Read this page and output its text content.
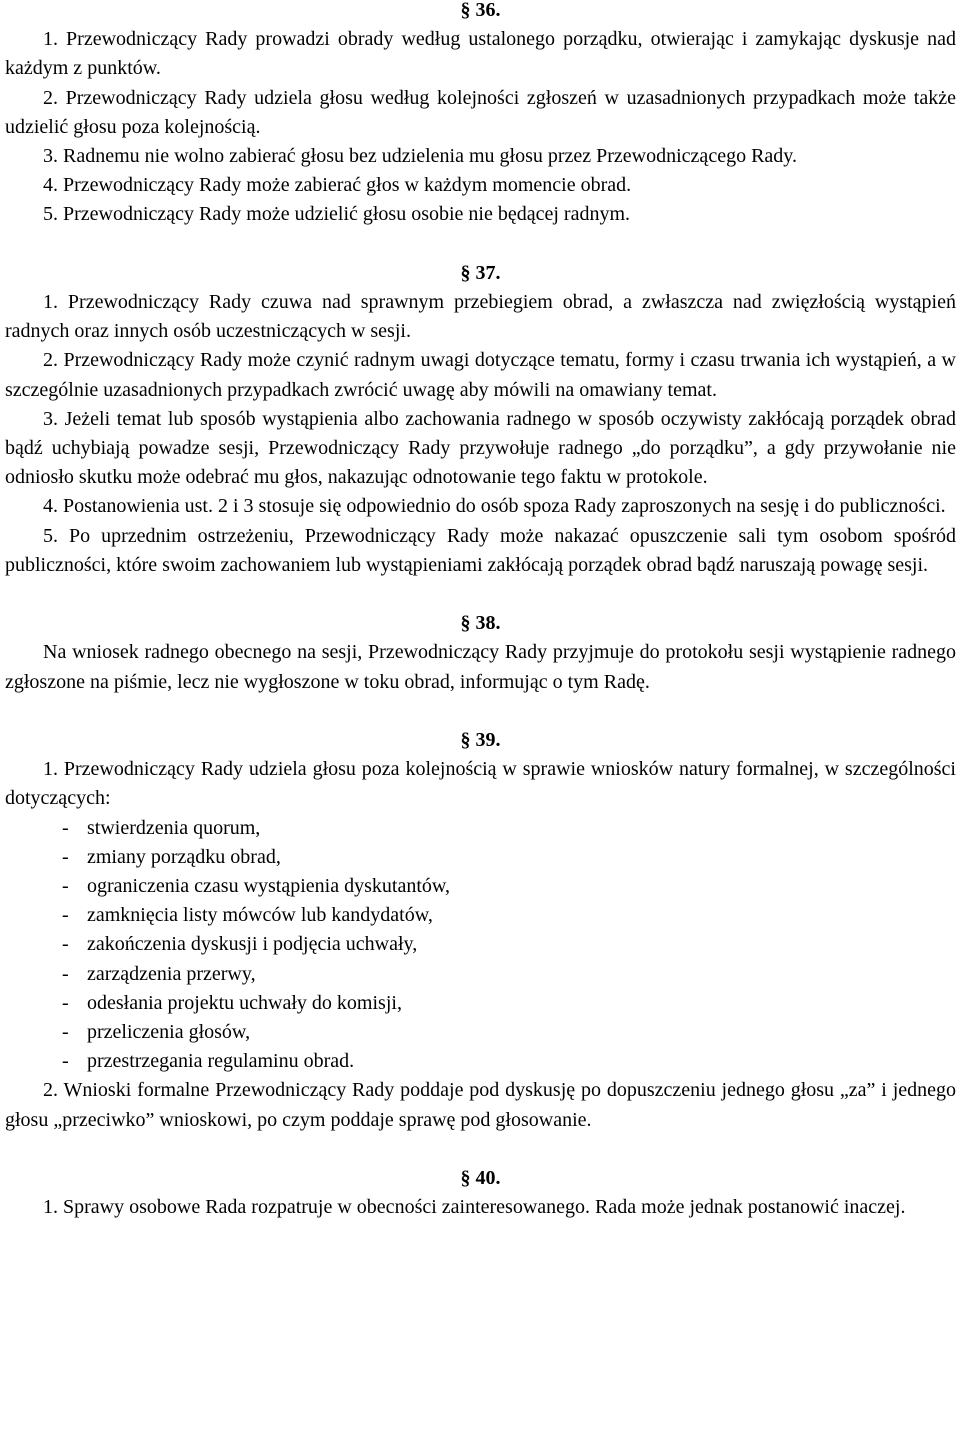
§ 36.

1. Przewodniczący Rady prowadzi obrady według ustalonego porządku, otwierając i zamykając dyskusje nad każdym z punktów.

2. Przewodniczący Rady udziela głosu według kolejności zgłoszeń w uzasadnionych przypadkach może także udzielić głosu poza kolejnością.

3. Radnemu nie wolno zabierać głosu bez udzielenia mu głosu przez Przewodniczącego Rady.

4. Przewodniczący Rady może zabierać głos w każdym momencie obrad.

5. Przewodniczący Rady może udzielić głosu osobie nie będącej radnym.

§ 37.

1. Przewodniczący Rady czuwa nad sprawnym przebiegiem obrad, a zwłaszcza nad zwięzłością wystąpień radnych oraz innych osób uczestniczących w sesji.

2. Przewodniczący Rady może czynić radnym uwagi dotyczące tematu, formy i czasu trwania ich wystąpień, a w szczególnie uzasadnionych przypadkach zwrócić uwagę aby mówili na omawiany temat.

3. Jeżeli temat lub sposób wystąpienia albo zachowania radnego w sposób oczywisty zakłócają porządek obrad bądź uchybiają powadze sesji, Przewodniczący Rady przywołuje radnego „do porządku”, a gdy przywołanie nie odniosło skutku może odebrać mu głos, nakazując odnotowanie tego faktu w protokole.

4. Postanowienia ust. 2 i 3 stosuje się odpowiednio do osób spoza Rady zaproszonych na sesję i do publiczności.

5. Po uprzednim ostrzeżeniu, Przewodniczący Rady może nakazać opuszczenie sali tym osobom spośród publiczności, które swoim zachowaniem lub wystąpieniami zakłócają porządek obrad bądź naruszają powagę sesji.

§ 38.

Na wniosek radnego obecnego na sesji, Przewodniczący Rady przyjmuje do protokołu sesji wystąpienie radnego zgłoszone na piśmie, lecz nie wygłoszone w toku obrad, informując o tym Radę.

§ 39.

1. Przewodniczący Rady udziela głosu poza kolejnością w sprawie wniosków natury formalnej, w szczególności dotyczących:

- stwierdzenia quorum,
- zmiany porządku obrad,
- ograniczenia czasu wystąpienia dyskutantów,
- zamknięcia listy mówców lub kandydatów,
- zakończenia dyskusji i podjęcia uchwały,
- zarządzenia przerwy,
- odesłania projektu uchwały do komisji,
- przeliczenia głosów,
- przestrzegania regulaminu obrad.

2. Wnioski formalne Przewodniczący Rady poddaje pod dyskusję po dopuszczeniu jednego głosu „za” i jednego głosu „przeciwko” wnioskowi, po czym poddaje sprawę pod głosowanie.

§ 40.

1. Sprawy osobowe Rada rozpatruje w obecności zainteresowanego. Rada może jednak postanowić inaczej.
